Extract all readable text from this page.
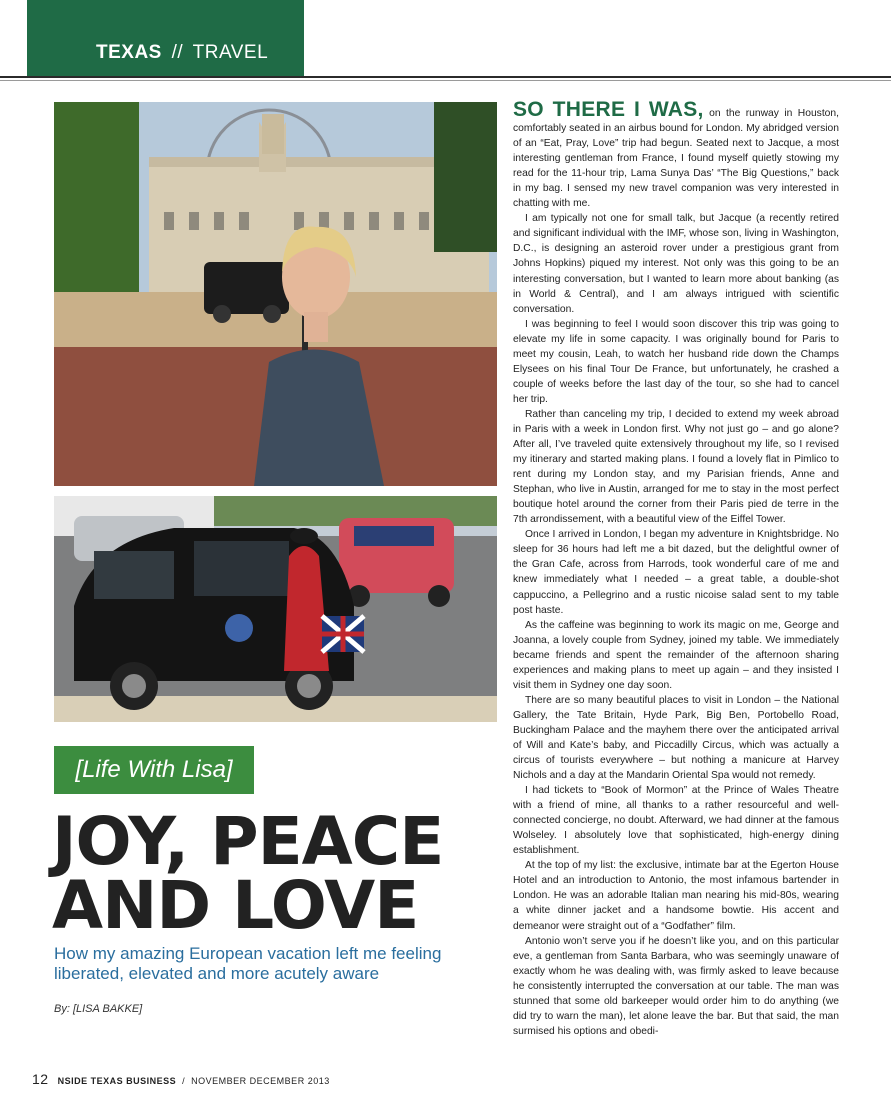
TEXAS // TRAVEL
[Life With Lisa]
JOY, PEACE
AND LOVE
How my amazing European vacation left me feeling liberated, elevated and more acutely aware
By: [LISA BAKKE]

SO THERE I WAS, on the runway in Houston, comfortably seated in an airbus bound for London. My abridged version of an “Eat, Pray, Love” trip had begun. Seated next to Jacque, a most interesting gentleman from France, I found myself quietly stowing my read for the 11-hour trip, Lama Sunya Das’ “The Big Questions,” back in my bag. I sensed my new travel companion was very interested in chatting with me.

I am typically not one for small talk, but Jacque (a recently retired and significant individual with the IMF, whose son, living in Washington, D.C., is designing an asteroid rover under a prestigious grant from Johns Hopkins) piqued my interest. Not only was this going to be an interesting conversation, but I wanted to learn more about banking (as in World & Central), and I am always intrigued with scientific conversation.

I was beginning to feel I would soon discover this trip was going to elevate my life in some capacity. I was originally bound for Paris to meet my cousin, Leah, to watch her husband ride down the Champs Elysees on his final Tour De France, but unfortunately, he crashed a couple of weeks before the last day of the tour, so she had to cancel her trip.

Rather than canceling my trip, I decided to extend my week abroad in Paris with a week in London first. Why not just go – and go alone? After all, I’ve traveled quite extensively throughout my life, so I revised my itinerary and started making plans. I found a lovely flat in Pimlico to rent during my London stay, and my Parisian friends, Anne and Stephan, who live in Austin, arranged for me to stay in the most perfect boutique hotel around the corner from their Paris pied de terre in the 7th arrondissement, with a beautiful view of the Eiffel Tower.

Once I arrived in London, I began my adventure in Knightsbridge. No sleep for 36 hours had left me a bit dazed, but the delightful owner of the Gran Cafe, across from Harrods, took wonderful care of me and knew immediately what I needed – a great table, a double-shot cappuccino, a Pellegrino and a rustic nicoise salad sent to my table post haste.

As the caffeine was beginning to work its magic on me, George and Joanna, a lovely couple from Sydney, joined my table. We immediately became friends and spent the remainder of the afternoon sharing experiences and making plans to meet up again – and they insisted I visit them in Sydney one day soon.

There are so many beautiful places to visit in London – the National Gallery, the Tate Britain, Hyde Park, Big Ben, Portobello Road, Buckingham Palace and the mayhem there over the anticipated arrival of Will and Kate’s baby, and Piccadilly Circus, which was actually a circus of tourists everywhere – but nothing a manicure at Harvey Nichols and a day at the Mandarin Oriental Spa would not remedy.

I had tickets to “Book of Mormon” at the Prince of Wales Theatre with a friend of mine, all thanks to a rather resourceful and well-connected concierge, no doubt. Afterward, we had dinner at the famous Wolseley. I absolutely love that sophisticated, high-energy dining establishment.

At the top of my list: the exclusive, intimate bar at the Egerton House Hotel and an introduction to Antonio, the most infamous bartender in London. He was an adorable Italian man nearing his mid-80s, wearing a white dinner jacket and a handsome bowtie. His accent and demeanor were straight out of a “Godfather” film.

Antonio won’t serve you if he doesn’t like you, and on this particular eve, a gentleman from Santa Barbara, who was seemingly unaware of exactly whom he was dealing with, was firmly asked to leave because he consistently interrupted the conversation at our table. The man was stunned that some old barkeeper would order him to do anything (we did try to warn the man), let alone leave the bar. But that said, the man surmised his options and obedi-

12 NSIDE TEXAS BUSINESS / NOVEMBER DECEMBER 2013
